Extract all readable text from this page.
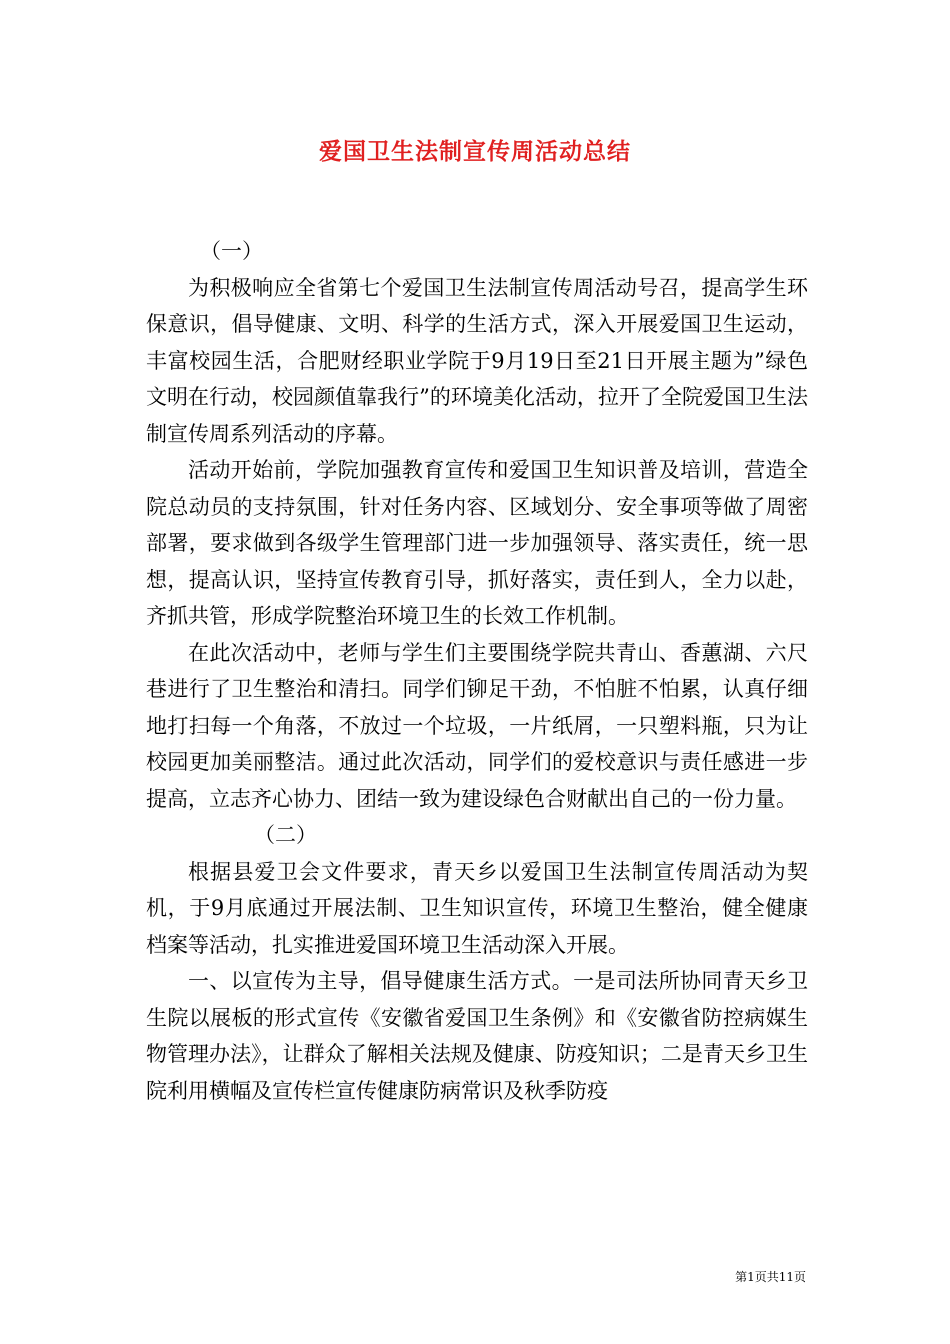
爱国卫生法制宣传周活动总结

（一）

为积极响应全省第七个爱国卫生法制宣传周活动号召，提高学生环保意识，倡导健康、文明、科学的生活方式，深入开展爱国卫生运动，丰富校园生活，合肥财经职业学院于9月19日至21日开展主题为”绿色文明在行动，校园颜值靠我行”的环境美化活动，拉开了全院爱国卫生法制宣传周系列活动的序幕。

活动开始前，学院加强教育宣传和爱国卫生知识普及培训，营造全院总动员的支持氛围，针对任务内容、区域划分、安全事项等做了周密部署，要求做到各级学生管理部门进一步加强领导、落实责任，统一思想，提高认识，坚持宣传教育引导，抓好落实，责任到人，全力以赴，齐抓共管，形成学院整治环境卫生的长效工作机制。

在此次活动中，老师与学生们主要围绕学院共青山、香蕙湖、六尺巷进行了卫生整治和清扫。同学们铆足干劲，不怕脏不怕累，认真仔细地打扫每一个角落，不放过一个垃圾，一片纸屑，一只塑料瓶，只为让校园更加美丽整洁。通过此次活动，同学们的爱校意识与责任感进一步提高，立志齐心协力、团结一致为建设绿色合财献出自己的一份力量。

（二）

根据县爱卫会文件要求，青天乡以爱国卫生法制宣传周活动为契机，于9月底通过开展法制、卫生知识宣传，环境卫生整治，健全健康档案等活动，扎实推进爱国环境卫生活动深入开展。

一、以宣传为主导，倡导健康生活方式。一是司法所协同青天乡卫生院以展板的形式宣传《安徽省爱国卫生条例》和《安徽省防控病媒生物管理办法》，让群众了解相关法规及健康、防疫知识；二是青天乡卫生院利用横幅及宣传栏宣传健康防病常识及秋季防疫

第1页共11页
